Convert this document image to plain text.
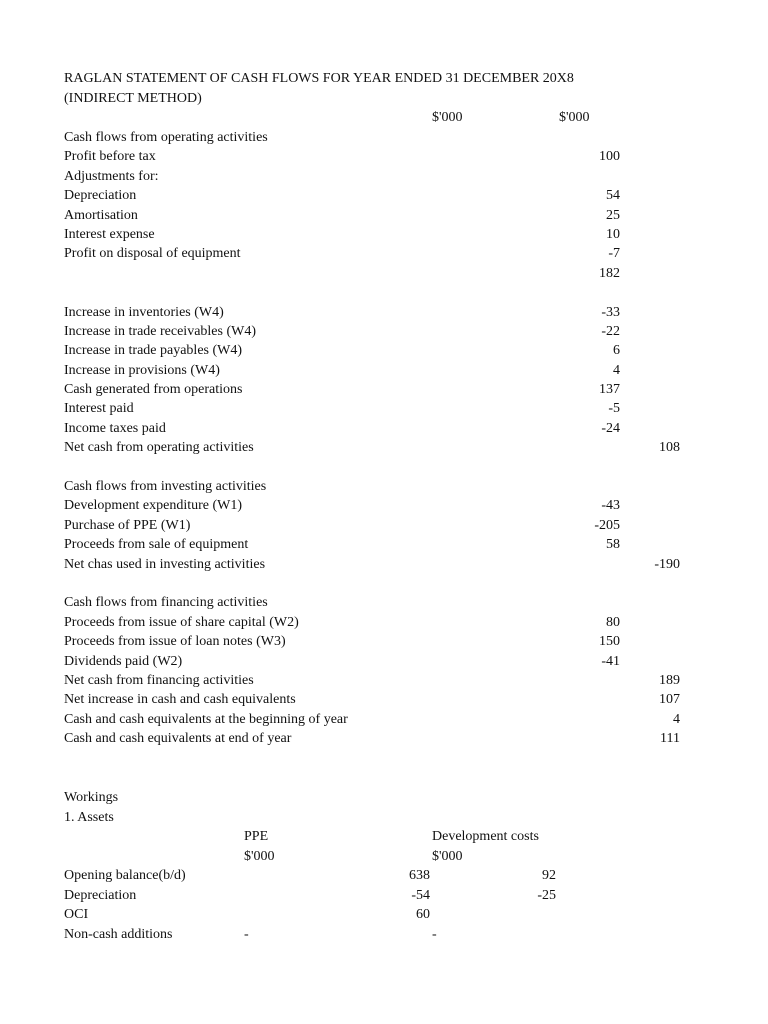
RAGLAN STATEMENT OF CASH FLOWS FOR YEAR ENDED 31 DECEMBER 20X8
(INDIRECT METHOD)
$'000	$'000
Cash flows from operating activities
Profit before tax	100
Adjustments for:
Depreciation	54
Amortisation	25
Interest expense	10
Profit on disposal of equipment	-7
182
Increase in inventories (W4)	-33
Increase in trade receivables (W4)	-22
Increase in trade payables (W4)	6
Increase in provisions (W4)	4
Cash generated from operations	137
Interest paid	-5
Income taxes paid	-24
Net cash from operating activities	108
Cash flows from investing activities
Development expenditure (W1)	-43
Purchase of PPE (W1)	-205
Proceeds from sale of equipment	58
Net chas used in investing activities	-190
Cash flows from financing activities
Proceeds from issue of share capital (W2)	80
Proceeds from issue of loan notes (W3)	150
Dividends paid (W2)	-41
Net cash from financing activities	189
Net increase in cash and cash equivalents	107
Cash and cash equivalents at the beginning of year	4
Cash and cash equivalents at end of year	111
Workings
1. Assets
PPE	Development costs
$'000	$'000
Opening balance(b/d)	638	92
Depreciation	-54	-25
OCI	60
Non-cash additions	-	-
